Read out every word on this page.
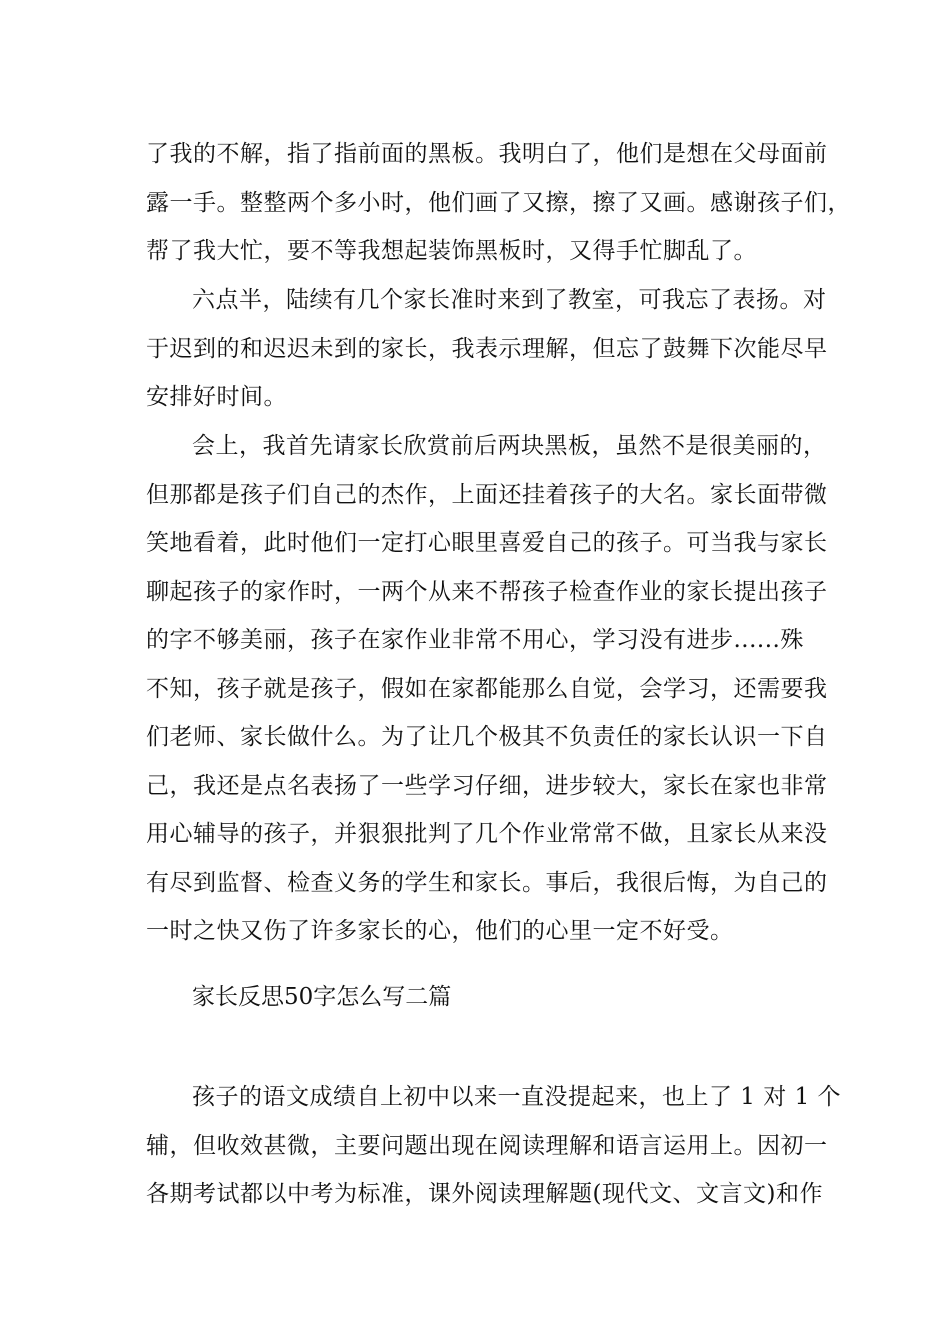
了我的不解，指了指前面的黑板。我明白了，他们是想在父母面前
露一手。整整两个多小时，他们画了又擦，擦了又画。感谢孩子们，
帮了我大忙，要不等我想起装饰黑板时，又得手忙脚乱了。
六点半，陆续有几个家长准时来到了教室，可我忘了表扬。对
于迟到的和迟迟未到的家长，我表示理解，但忘了鼓舞下次能尽早
安排好时间。
会上，我首先请家长欣赏前后两块黑板，虽然不是很美丽的，
但那都是孩子们自己的杰作，上面还挂着孩子的大名。家长面带微
笑地看着，此时他们一定打心眼里喜爱自己的孩子。可当我与家长
聊起孩子的家作时，一两个从来不帮孩子检查作业的家长提出孩子
的字不够美丽，孩子在家作业非常不用心，学习没有进步......殊
不知，孩子就是孩子，假如在家都能那么自觉，会学习，还需要我
们老师、家长做什么。为了让几个极其不负责任的家长认识一下自
己，我还是点名表扬了一些学习仔细，进步较大，家长在家也非常
用心辅导的孩子，并狠狠批判了几个作业常常不做，且家长从来没
有尽到监督、检查义务的学生和家长。事后，我很后悔，为自己的
一时之快又伤了许多家长的心，他们的心里一定不好受。
家长反思50字怎么写二篇
孩子的语文成绩自上初中以来一直没提起来，也上了 1 对 1 个
辅，但收效甚微，主要问题出现在阅读理解和语言运用上。因初一
各期考试都以中考为标准，课外阅读理解题(现代文、文言文)和作
